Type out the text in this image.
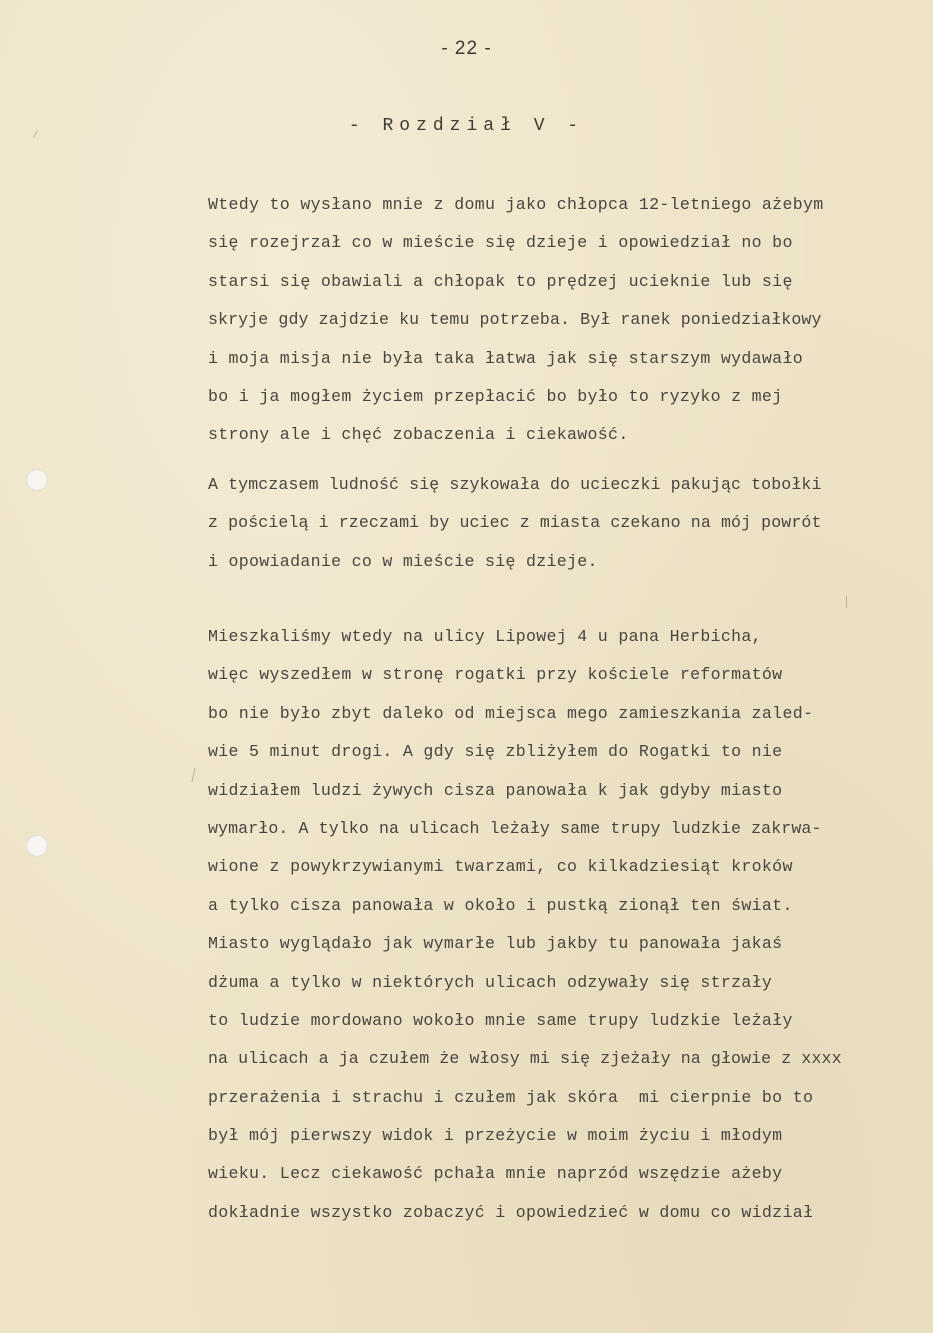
- 22 -
- Rozdział V -
Wtedy to wysłano mnie z domu jako chłopca 12-letniego ażebym
się rozejrzał co w mieście się dzieje i opowiedział no bo
starsi się obawiali a chłopak to prędzej ucieknie lub się
skryje gdy zajdzie ku temu potrzeba. Był ranek poniedziałkowy
i moja misja nie była taka łatwa jak się starszym wydawało
bo i ja mogłem życiem przepłacić bo było to ryzyko z mej
strony ale i chęć zobaczenia i ciekawość.
A tymczasem ludność się szykowała do ucieczki pakując tobołki
z pościelą i rzeczami by uciec z miasta czekano na mój powrót
i opowiadanie co w mieście się dzieje.
Mieszkaliśmy wtedy na ulicy Lipowej 4 u pana Herbicha,
więc wyszedłem w stronę rogatki przy kościele reformatów
bo nie było zbyt daleko od miejsca mego zamieszkania zaled-
wie 5 minut drogi. A gdy się zbliżyłem do Rogatki to nie
widziałem ludzi żywych cisza panowała k jak gdyby miasto
wymarło. A tylko na ulicach leżały same trupy ludzkie zakrwa-
wione z powykrzywianymi twarzami, co kilkadziesiąt kroków
a tylko cisza panowała w około i pustką zionął ten świat.
Miasto wyglądało jak wymarłe lub jakby tu panowała jakaś
dżuma a tylko w niektórych ulicach odzywały się strzały
to ludzie mordowano wokoło mnie same trupy ludzkie leżały
na ulicach a ja czułem że włosy mi się zjeżały na głowie z xxxx
przerażenia i strachu i czułem jak skóra  mi cierpnie bo to
był mój pierwszy widok i przeżycie w moim życiu i młodym
wieku. Lecz ciekawość pchała mnie naprzód wszędzie ażeby
dokładnie wszystko zobaczyć i opowiedzieć w domu co widział
